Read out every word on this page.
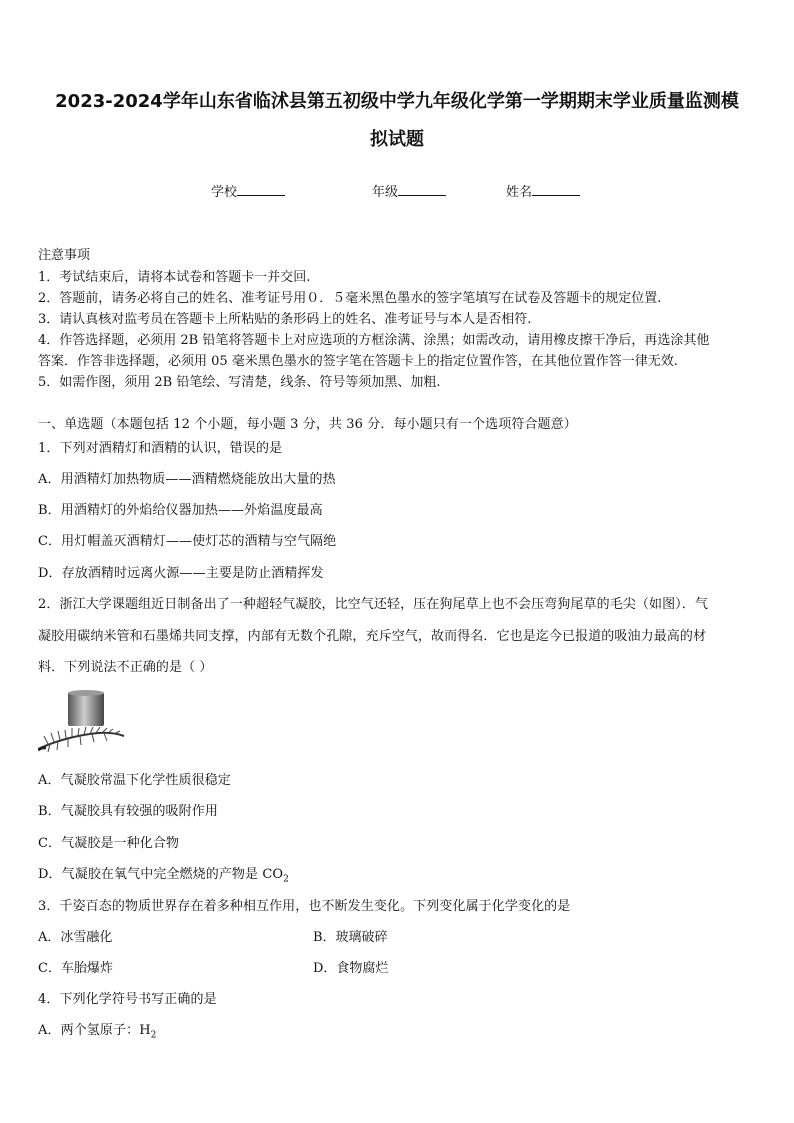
2023-2024学年山东省临沭县第五初级中学九年级化学第一学期期末学业质量监测模
拟试题
学校	年级	姓名
注意事项
1．考试结束后，请将本试卷和答题卡一并交回.
2．答题前，请务必将自己的姓名、准考证号用０．５毫米黑色墨水的签字笔填写在试卷及答题卡的规定位置.
3．请认真核对监考员在答题卡上所粘贴的条形码上的姓名、准考证号与本人是否相符.
4．作答选择题，必须用 2B 铅笔将答题卡上对应选项的方框涂满、涂黑；如需改动，请用橡皮擦干净后，再选涂其他
答案．作答非选择题，必须用 05 毫米黑色墨水的签字笔在答题卡上的指定位置作答，在其他位置作答一律无效.
5．如需作图，须用 2B 铅笔绘、写清楚，线条、符号等须加黑、加粗.
一、单选题（本题包括 12 个小题，每小题 3 分，共 36 分．每小题只有一个选项符合题意）
1．下列对酒精灯和酒精的认识，错误的是
A．用酒精灯加热物质——酒精燃烧能放出大量的热
B．用酒精灯的外焰给仪器加热——外焰温度最高
C．用灯帽盖灭酒精灯——使灯芯的酒精与空气隔绝
D．存放酒精时远离火源——主要是防止酒精挥发
2．浙江大学课题组近日制备出了一种超轻气凝胶，比空气还轻，压在狗尾草上也不会压弯狗尾草的毛尖（如图）．气
凝胶用碳纳米管和石墨烯共同支撑，内部有无数个孔隙，充斥空气，故而得名．它也是迄今已报道的吸油力最高的材
料．下列说法不正确的是（ ）
A．气凝胶常温下化学性质很稳定
B．气凝胶具有较强的吸附作用
C．气凝胶是一种化合物
D．气凝胶在氧气中完全燃烧的产物是 $CO_2$
3．千姿百态的物质世界存在着多种相互作用，也不断发生变化。下列变化属于化学变化的是
A．冰雪融化	B．玻璃破碎
C．车胎爆炸	D．食物腐烂
4．下列化学符号书写正确的是
A．两个氢原子：$H_2$
